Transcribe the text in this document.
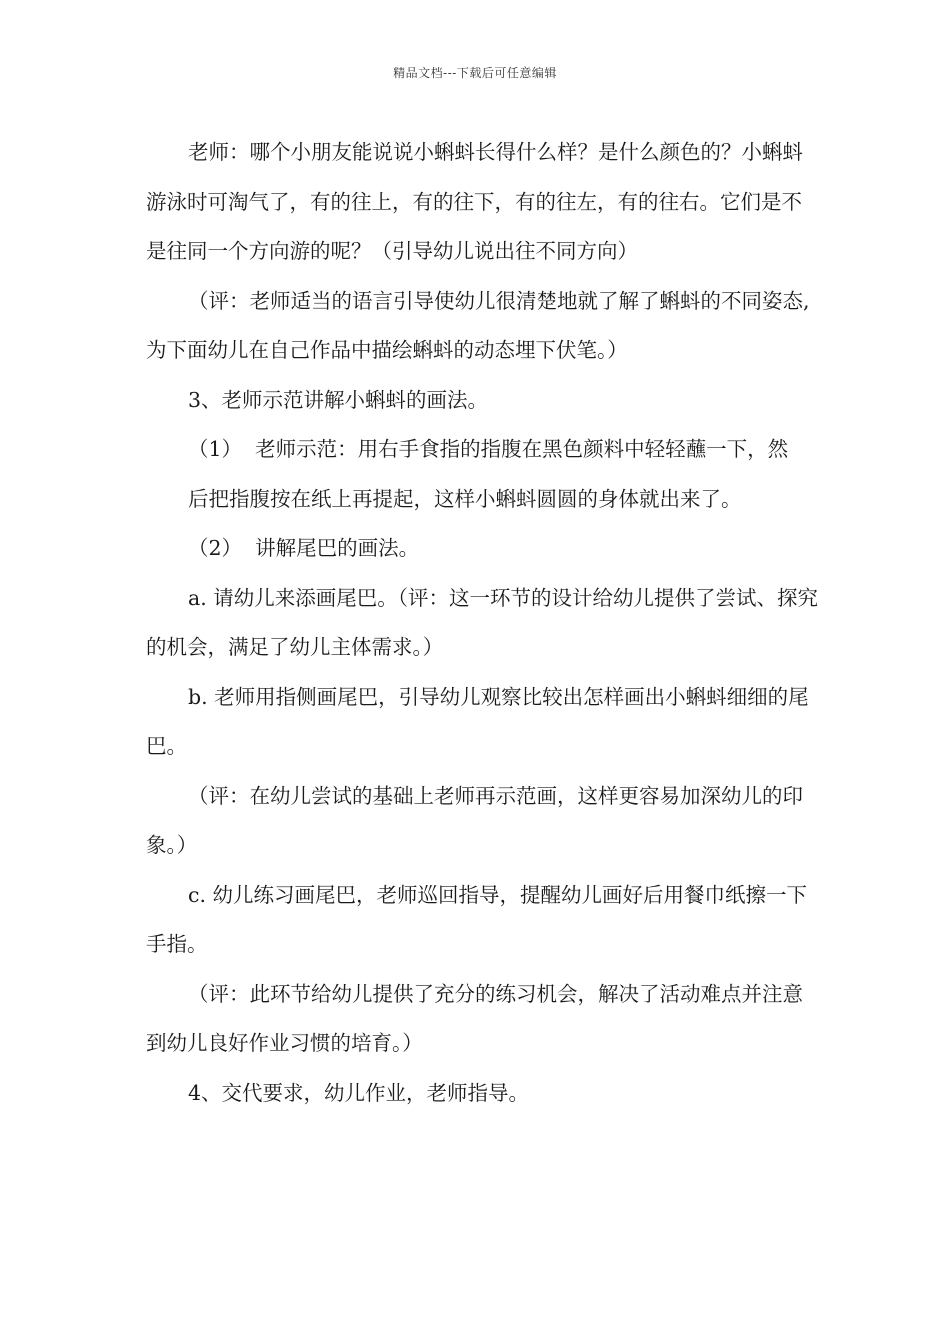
精品文档---下载后可任意编辑

老师：哪个小朋友能说说小蝌蚪长得什么样？是什么颜色的？小蝌蚪游泳时可淘气了，有的往上，有的往下，有的往左，有的往右。它们是不是往同一个方向游的呢？（引导幼儿说出往不同方向）

（评：老师适当的语言引导使幼儿很清楚地就了解了蝌蚪的不同姿态,为下面幼儿在自己作品中描绘蝌蚪的动态埋下伏笔。）

3、老师示范讲解小蝌蚪的画法。

（1）  老师示范：用右手食指的指腹在黑色颜料中轻轻蘸一下，然

后把指腹按在纸上再提起，这样小蝌蚪圆圆的身体就出来了。

（2）  讲解尾巴的画法。

a. 请幼儿来添画尾巴。（评：这一环节的设计给幼儿提供了尝试、探究的机会，满足了幼儿主体需求。）

b. 老师用指侧画尾巴，引导幼儿观察比较出怎样画出小蝌蚪细细的尾巴。

（评：在幼儿尝试的基础上老师再示范画，这样更容易加深幼儿的印象。）

c. 幼儿练习画尾巴，老师巡回指导，提醒幼儿画好后用餐巾纸擦一下手指。

（评：此环节给幼儿提供了充分的练习机会，解决了活动难点并注意到幼儿良好作业习惯的培育。）

4、交代要求，幼儿作业，老师指导。
